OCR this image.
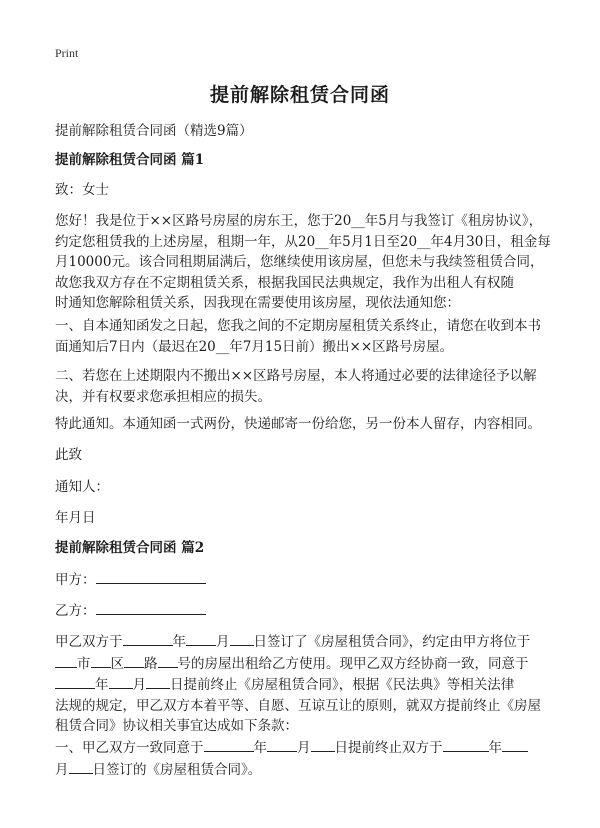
Print
提前解除租赁合同函
提前解除租赁合同函（精选9篇）
提前解除租赁合同函 篇1
致：女士
您好！我是位于××区路号房屋的房东王，您于20__年5月与我签订《租房协议》，
约定您租赁我的上述房屋，租期一年，从20__年5月1日至20__年4月30日，租金每
月10000元。该合同租期届满后，您继续使用该房屋，但您未与我续签租赁合同，
故您我双方存在不定期租赁关系，根据我国民法典规定，我作为出租人有权随
时通知您解除租赁关系，因我现在需要使用该房屋，现依法通知您：
一、自本通知函发之日起，您我之间的不定期房屋租赁关系终止，请您在收到本书
面通知后7日内（最迟在20__年7月15日前）搬出××区路号房屋。
二、若您在上述期限内不搬出××区路号房屋，本人将通过必要的法律途径予以解
决，并有权要求您承担相应的损失。
特此通知。本通知函一式两份，快递邮寄一份给您，另一份本人留存，内容相同。
此致
通知人：
年月日
提前解除租赁合同函 篇2
甲方：
乙方：
甲乙双方于	年 月 日签订了《房屋租赁合同》，约定由甲方将位于
市 区 路 号的房屋出租给乙方使用。现甲乙双方经协商一致，同意于
年 月 日提前终止《房屋租赁合同》，根据《民法典》等相关法律
法规的规定，甲乙双方本着平等、自愿、互谅互让的原则，就双方提前终止《房屋
租赁合同》协议相关事宜达成如下条款：
一、甲乙双方一致同意于	年 月 日提前终止双方于	年
月 日签订的《房屋租赁合同》。
